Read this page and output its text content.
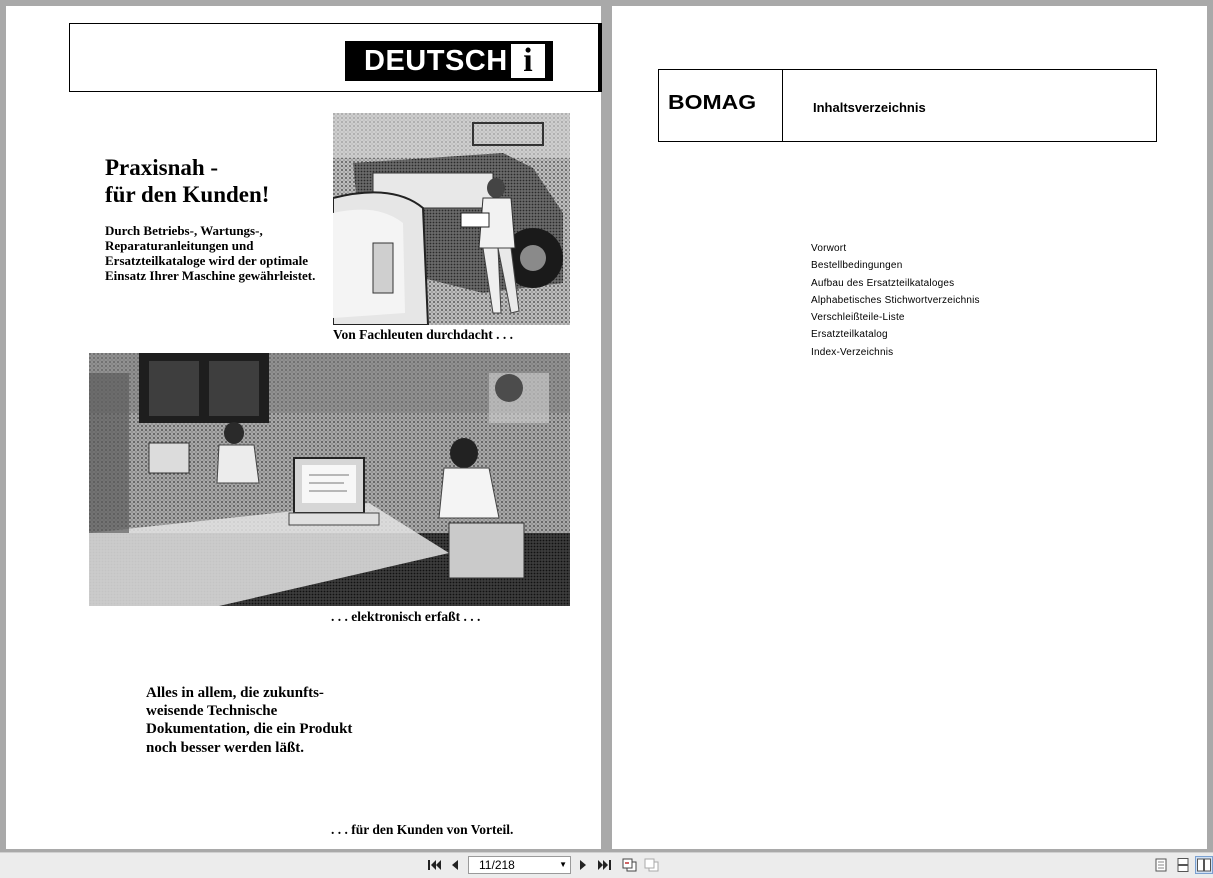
DEUTSCH i
Praxisnah -
für den Kunden!
Durch Betriebs-, Wartungs-, Reparaturanleitungen und Ersatzteilkataloge wird der optimale Einsatz Ihrer Maschine gewährleistet.
Von Fachleuten durchdacht . . .
. . . elektronisch erfaßt . . .
Alles in allem, die zukunfts-weisende Technische Dokumentation, die ein Produkt noch besser werden läßt.
. . . für den Kunden von Vorteil.
BOMAG	Inhaltsverzeichnis
Vorwort
Bestellbedingungen
Aufbau des Ersatzteilkataloges
Alphabetisches Stichwortverzeichnis
Verschleißteile-Liste
Ersatzteilkatalog
Index-Verzeichnis
11/218	▼
